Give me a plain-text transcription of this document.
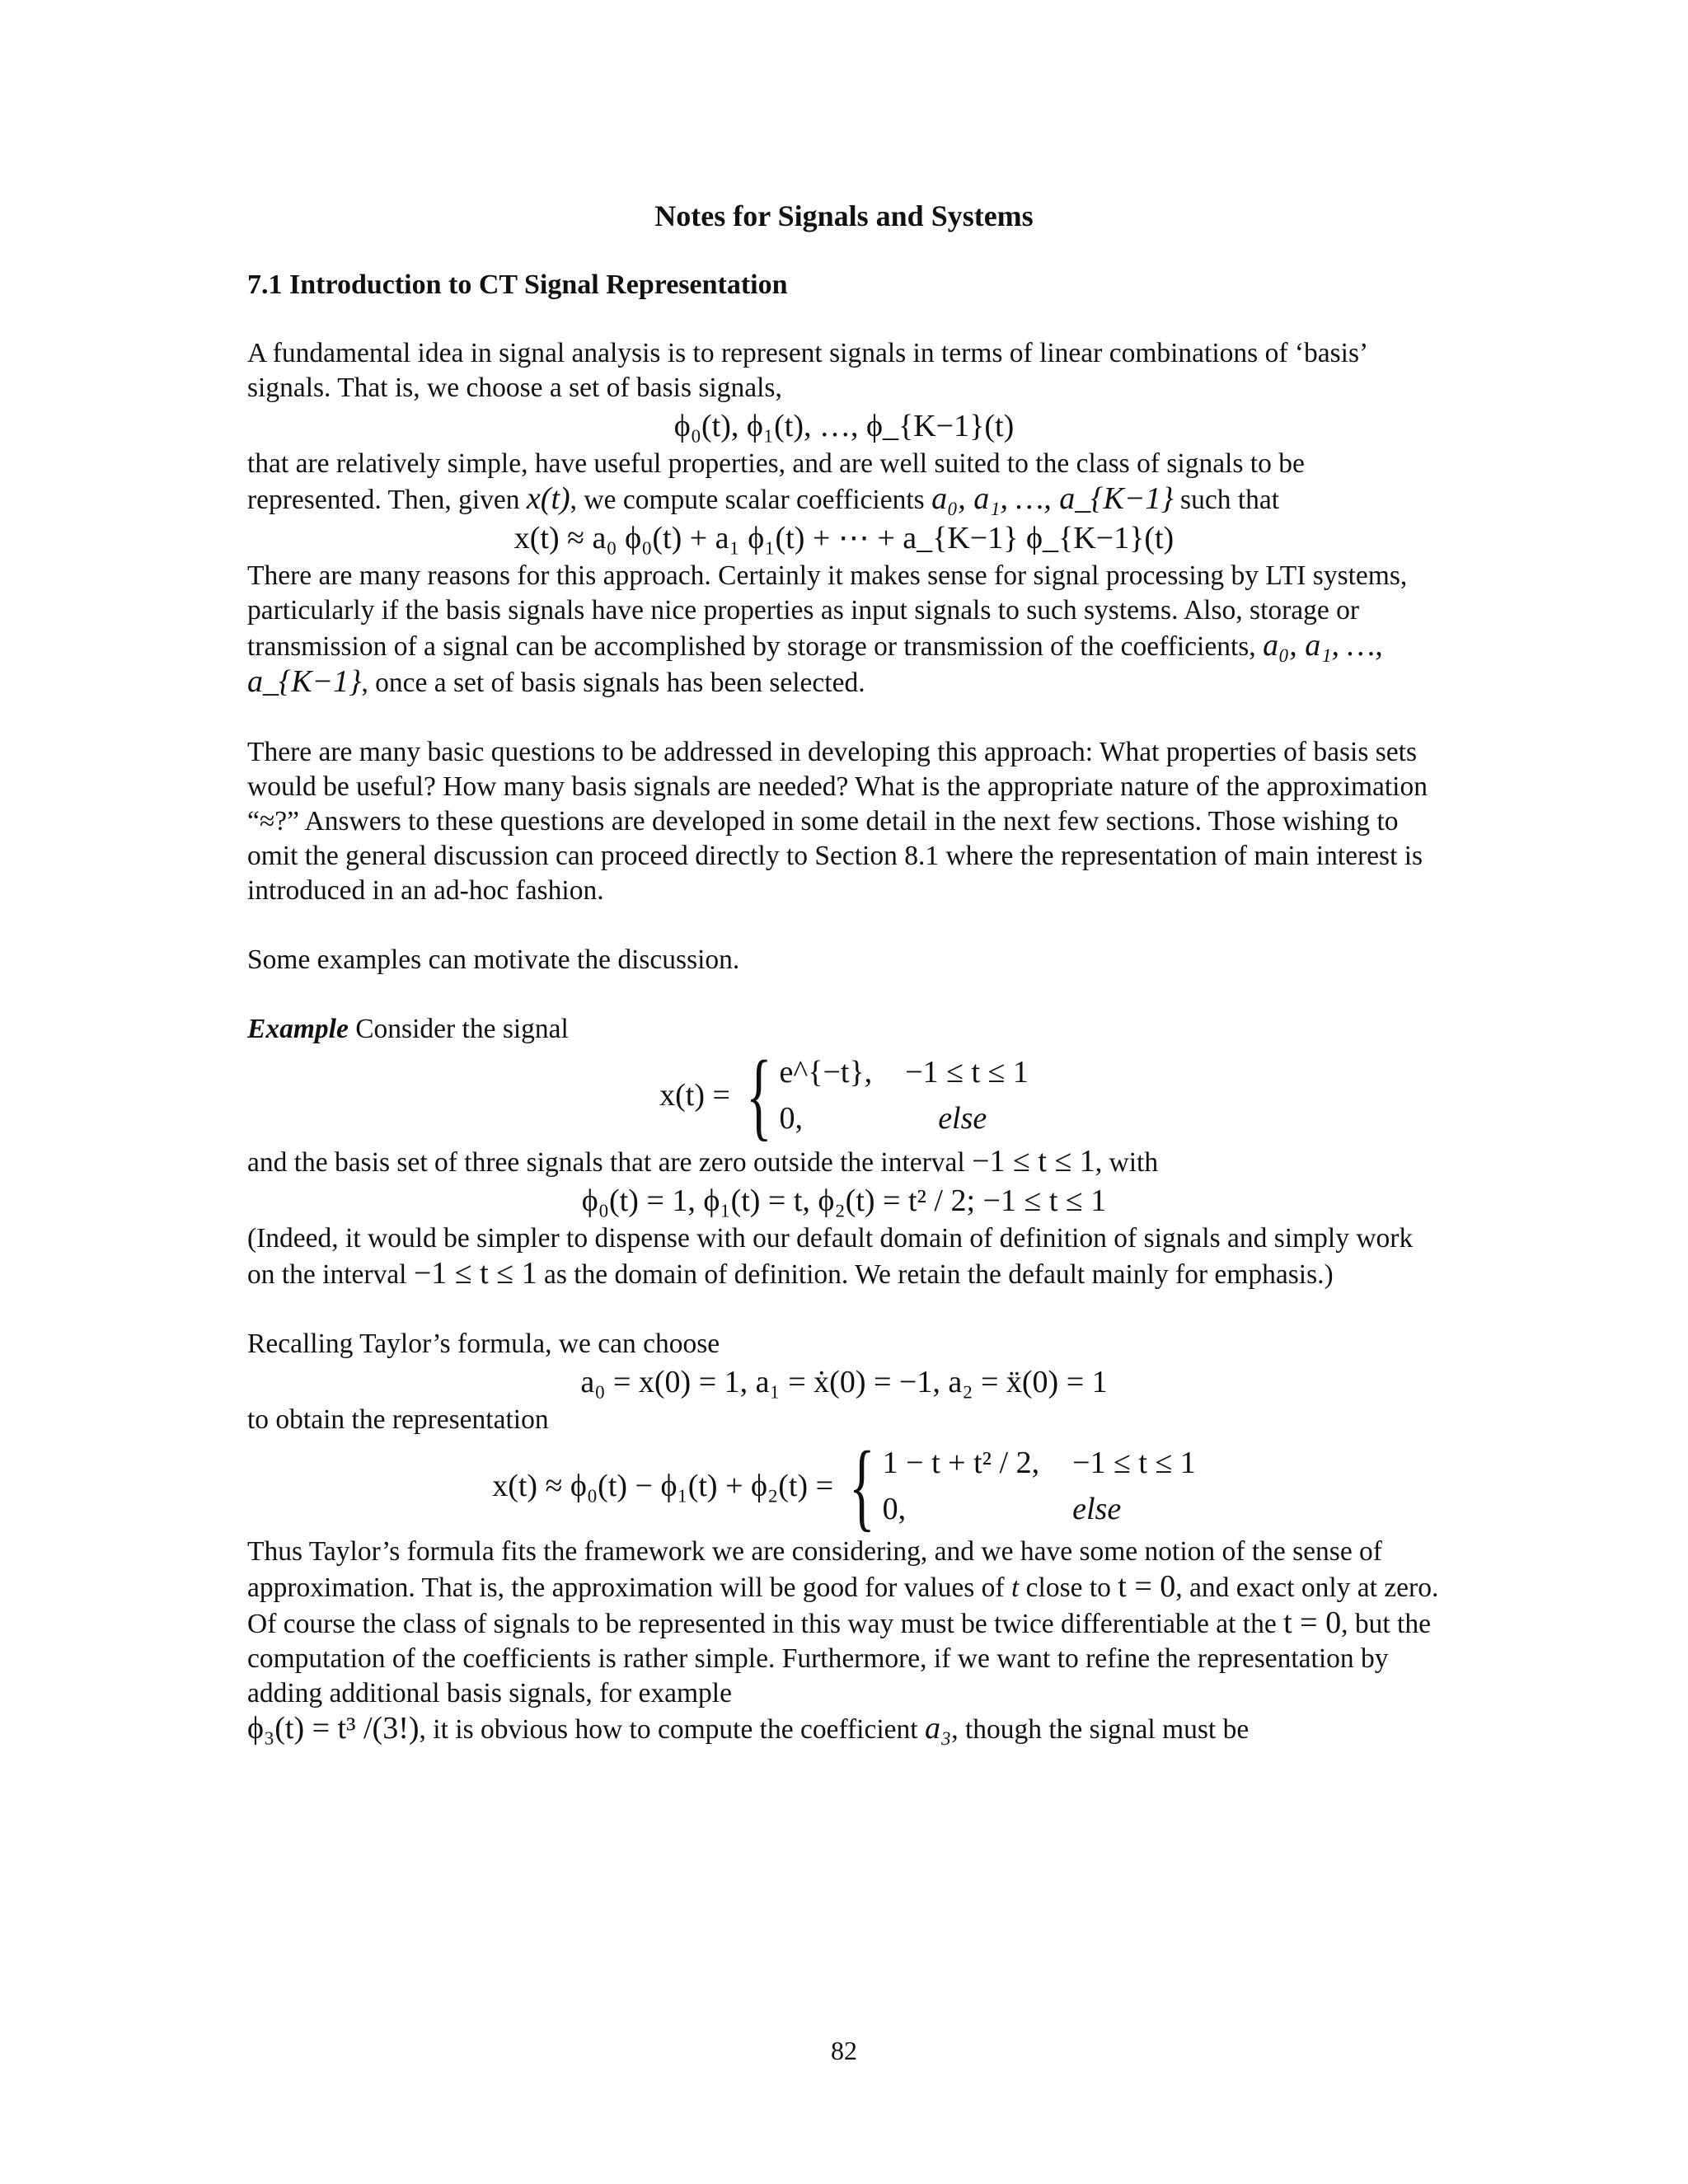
Notes for Signals and Systems
7.1 Introduction to CT Signal Representation

A fundamental idea in signal analysis is to represent signals in terms of linear combinations of ‘basis’ signals. That is, we choose a set of basis signals,

ϕ₀(t), ϕ₁(t), …, ϕ_{K−1}(t)

that are relatively simple, have useful properties, and are well suited to the class of signals to be represented. Then, given x(t), we compute scalar coefficients a₀, a₁, …, a_{K−1} such that

x(t) ≈ a₀ ϕ₀(t) + a₁ ϕ₁(t) + ⋯ + a_{K−1} ϕ_{K−1}(t)

There are many reasons for this approach. Certainly it makes sense for signal processing by LTI systems, particularly if the basis signals have nice properties as input signals to such systems. Also, storage or transmission of a signal can be accomplished by storage or transmission of the coefficients, a₀, a₁, …, a_{K−1}, once a set of basis signals has been selected.

There are many basic questions to be addressed in developing this approach: What properties of basis sets would be useful? How many basis signals are needed? What is the appropriate nature of the approximation “≈?” Answers to these questions are developed in some detail in the next few sections. Those wishing to omit the general discussion can proceed directly to Section 8.1 where the representation of main interest is introduced in an ad-hoc fashion.

Some examples can motivate the discussion.

Example Consider the signal

x(t) = { e^{−t}, −1 ≤ t ≤ 1
0,	else

and the basis set of three signals that are zero outside the interval −1 ≤ t ≤ 1, with

ϕ₀(t) = 1, ϕ₁(t) = t, ϕ₂(t) = t² / 2; −1 ≤ t ≤ 1

(Indeed, it would be simpler to dispense with our default domain of definition of signals and simply work on the interval −1 ≤ t ≤ 1 as the domain of definition. We retain the default mainly for emphasis.)

Recalling Taylor’s formula, we can choose

a₀ = x(0) = 1, a₁ = ẋ(0) = −1, a₂ = ẍ(0) = 1

to obtain the representation

x(t) ≈ ϕ₀(t) − ϕ₁(t) + ϕ₂(t) = { 1 − t + t² / 2, −1 ≤ t ≤ 1
0,	else

Thus Taylor’s formula fits the framework we are considering, and we have some notion of the sense of approximation. That is, the approximation will be good for values of t close to t = 0, and exact only at zero. Of course the class of signals to be represented in this way must be twice differentiable at the t = 0, but the computation of the coefficients is rather simple. Furthermore, if we want to refine the representation by adding additional basis signals, for example

ϕ₃(t) = t³ /(3!), it is obvious how to compute the coefficient a₃, though the signal must be

82
